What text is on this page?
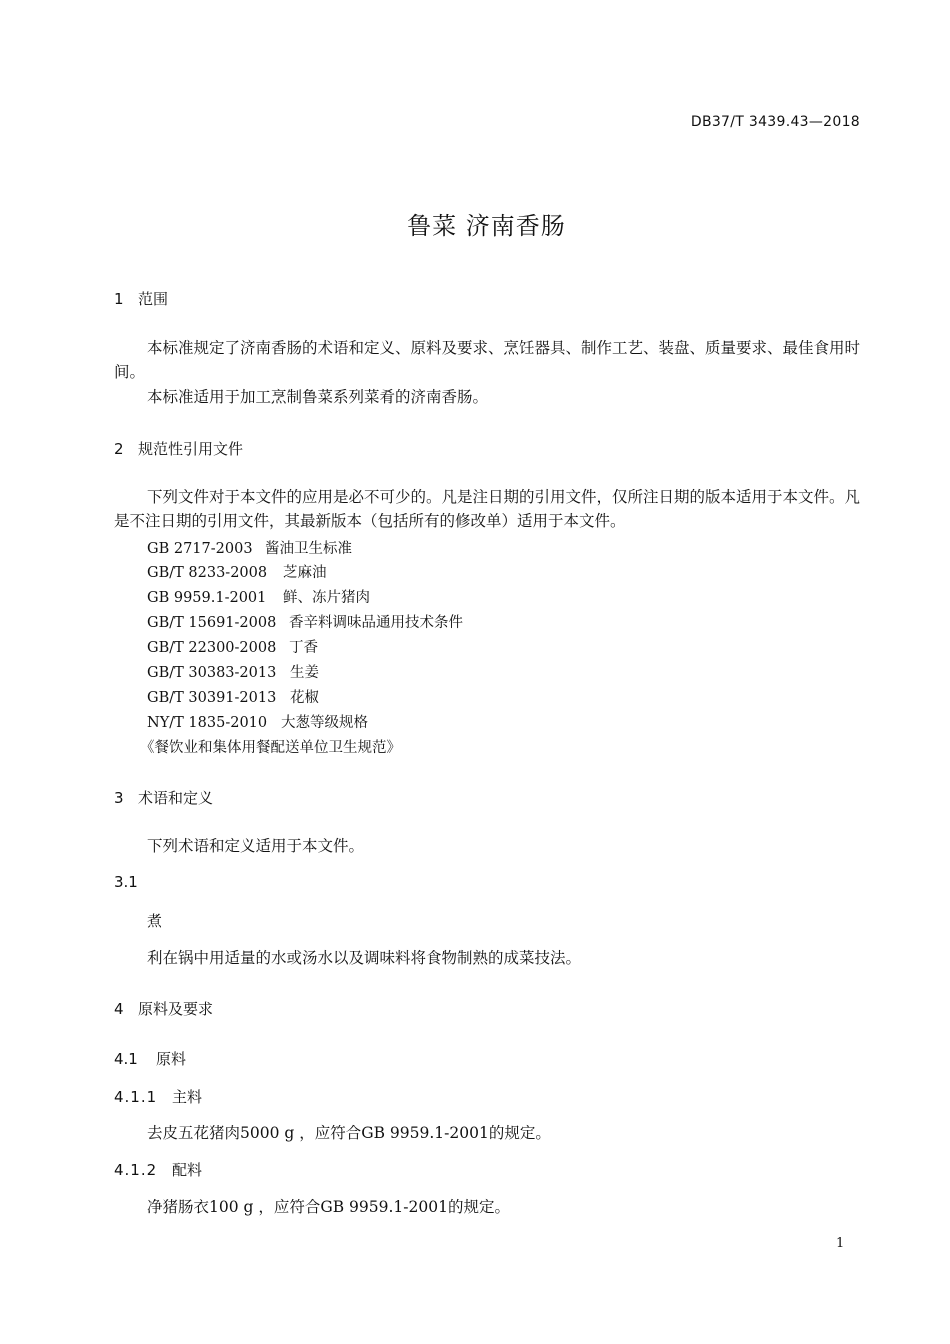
DB37/T 3439.43—2018
鲁菜 济南香肠
1 范围
本标准规定了济南香肠的术语和定义、原料及要求、烹饪器具、制作工艺、装盘、质量要求、最佳食用时间。
本标准适用于加工烹制鲁菜系列菜肴的济南香肠。
2 规范性引用文件
下列文件对于本文件的应用是必不可少的。凡是注日期的引用文件，仅所注日期的版本适用于本文件。凡是不注日期的引用文件，其最新版本（包括所有的修改单）适用于本文件。
GB 2717-2003 酱油卫生标准
GB/T 8233-2008 芝麻油
GB 9959.1-2001 鲜、冻片猪肉
GB/T 15691-2008 香辛料调味品通用技术条件
GB/T 22300-2008 丁香
GB/T 30383-2013 生姜
GB/T 30391-2013 花椒
NY/T 1835-2010 大葱等级规格
《餐饮业和集体用餐配送单位卫生规范》
3 术语和定义
下列术语和定义适用于本文件。
3.1
煮
利在锅中用适量的水或汤水以及调味料将食物制熟的成菜技法。
4 原料及要求
4.1 原料
4.1.1 主料
去皮五花猪肉5000 g ，应符合GB 9959.1-2001的规定。
4.1.2 配料
净猪肠衣100 g ，应符合GB 9959.1-2001的规定。
1
